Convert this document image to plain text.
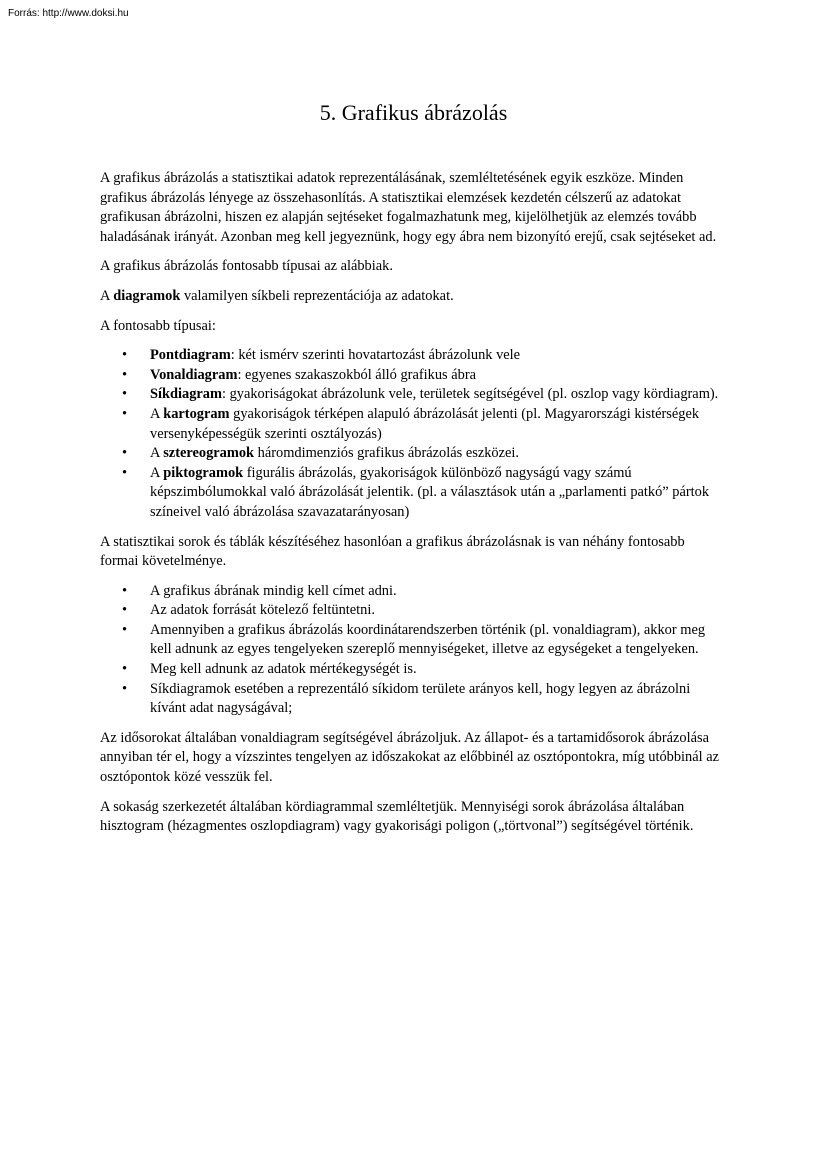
Forrás: http://www.doksi.hu
5. Grafikus ábrázolás

A grafikus ábrázolás a statisztikai adatok reprezentálásának, szemléltetésének egyik eszköze. Minden grafikus ábrázolás lényege az összehasonlítás. A statisztikai elemzések kezdetén célszerű az adatokat grafikusan ábrázolni, hiszen ez alapján sejtéseket fogalmazhatunk meg, kijelölhetjük az elemzés tovább haladásának irányát. Azonban meg kell jegyeznünk, hogy egy ábra nem bizonyító erejű, csak sejtéseket ad.

A grafikus ábrázolás fontosabb típusai az alábbiak.

A diagramok valamilyen síkbeli reprezentációja az adatokat.

A fontosabb típusai:

• Pontdiagram: két ismérv szerinti hovatartozást ábrázolunk vele
• Vonaldiagram: egyenes szakaszokból álló grafikus ábra
• Síkdiagram: gyakoriságokat ábrázolunk vele, területek segítségével (pl. oszlop vagy kördiagram).
• A kartogram gyakoriságok térképen alapuló ábrázolását jelenti (pl. Magyarországi kistérségek versenyképességük szerinti osztályozás)
• A sztereogramok háromdimenziós grafikus ábrázolás eszközei.
• A piktogramok figurális ábrázolás, gyakoriságok különböző nagyságú vagy számú képszimbólumokkal való ábrázolását jelentik. (pl. a választások után a „parlamenti patkó” pártok színeivel való ábrázolása szavazatarányosan)

A statisztikai sorok és táblák készítéséhez hasonlóan a grafikus ábrázolásnak is van néhány fontosabb formai követelménye.

• A grafikus ábrának mindig kell címet adni.
• Az adatok forrását kötelező feltüntetni.
• Amennyiben a grafikus ábrázolás koordinátarendszerben történik (pl. vonaldiagram), akkor meg kell adnunk az egyes tengelyeken szereplő mennyiségeket, illetve az egységeket a tengelyeken.
• Meg kell adnunk az adatok mértékegységét is.
• Síkdiagramok esetében a reprezentáló síkidom területe arányos kell, hogy legyen az ábrázolni kívánt adat nagyságával;

Az idősorokat általában vonaldiagram segítségével ábrázoljuk. Az állapot- és a tartamidősorok ábrázolása annyiban tér el, hogy a vízszintes tengelyen az időszakokat az előbbinél az osztópontokra, míg utóbbinál az osztópontok közé vesszük fel.

A sokaság szerkezetét általában kördiagrammal szemléltetjük. Mennyiségi sorok ábrázolása általában hisztogram (hézagmentes oszlopdiagram) vagy gyakorisági poligon („törtvonal”) segítségével történik.
